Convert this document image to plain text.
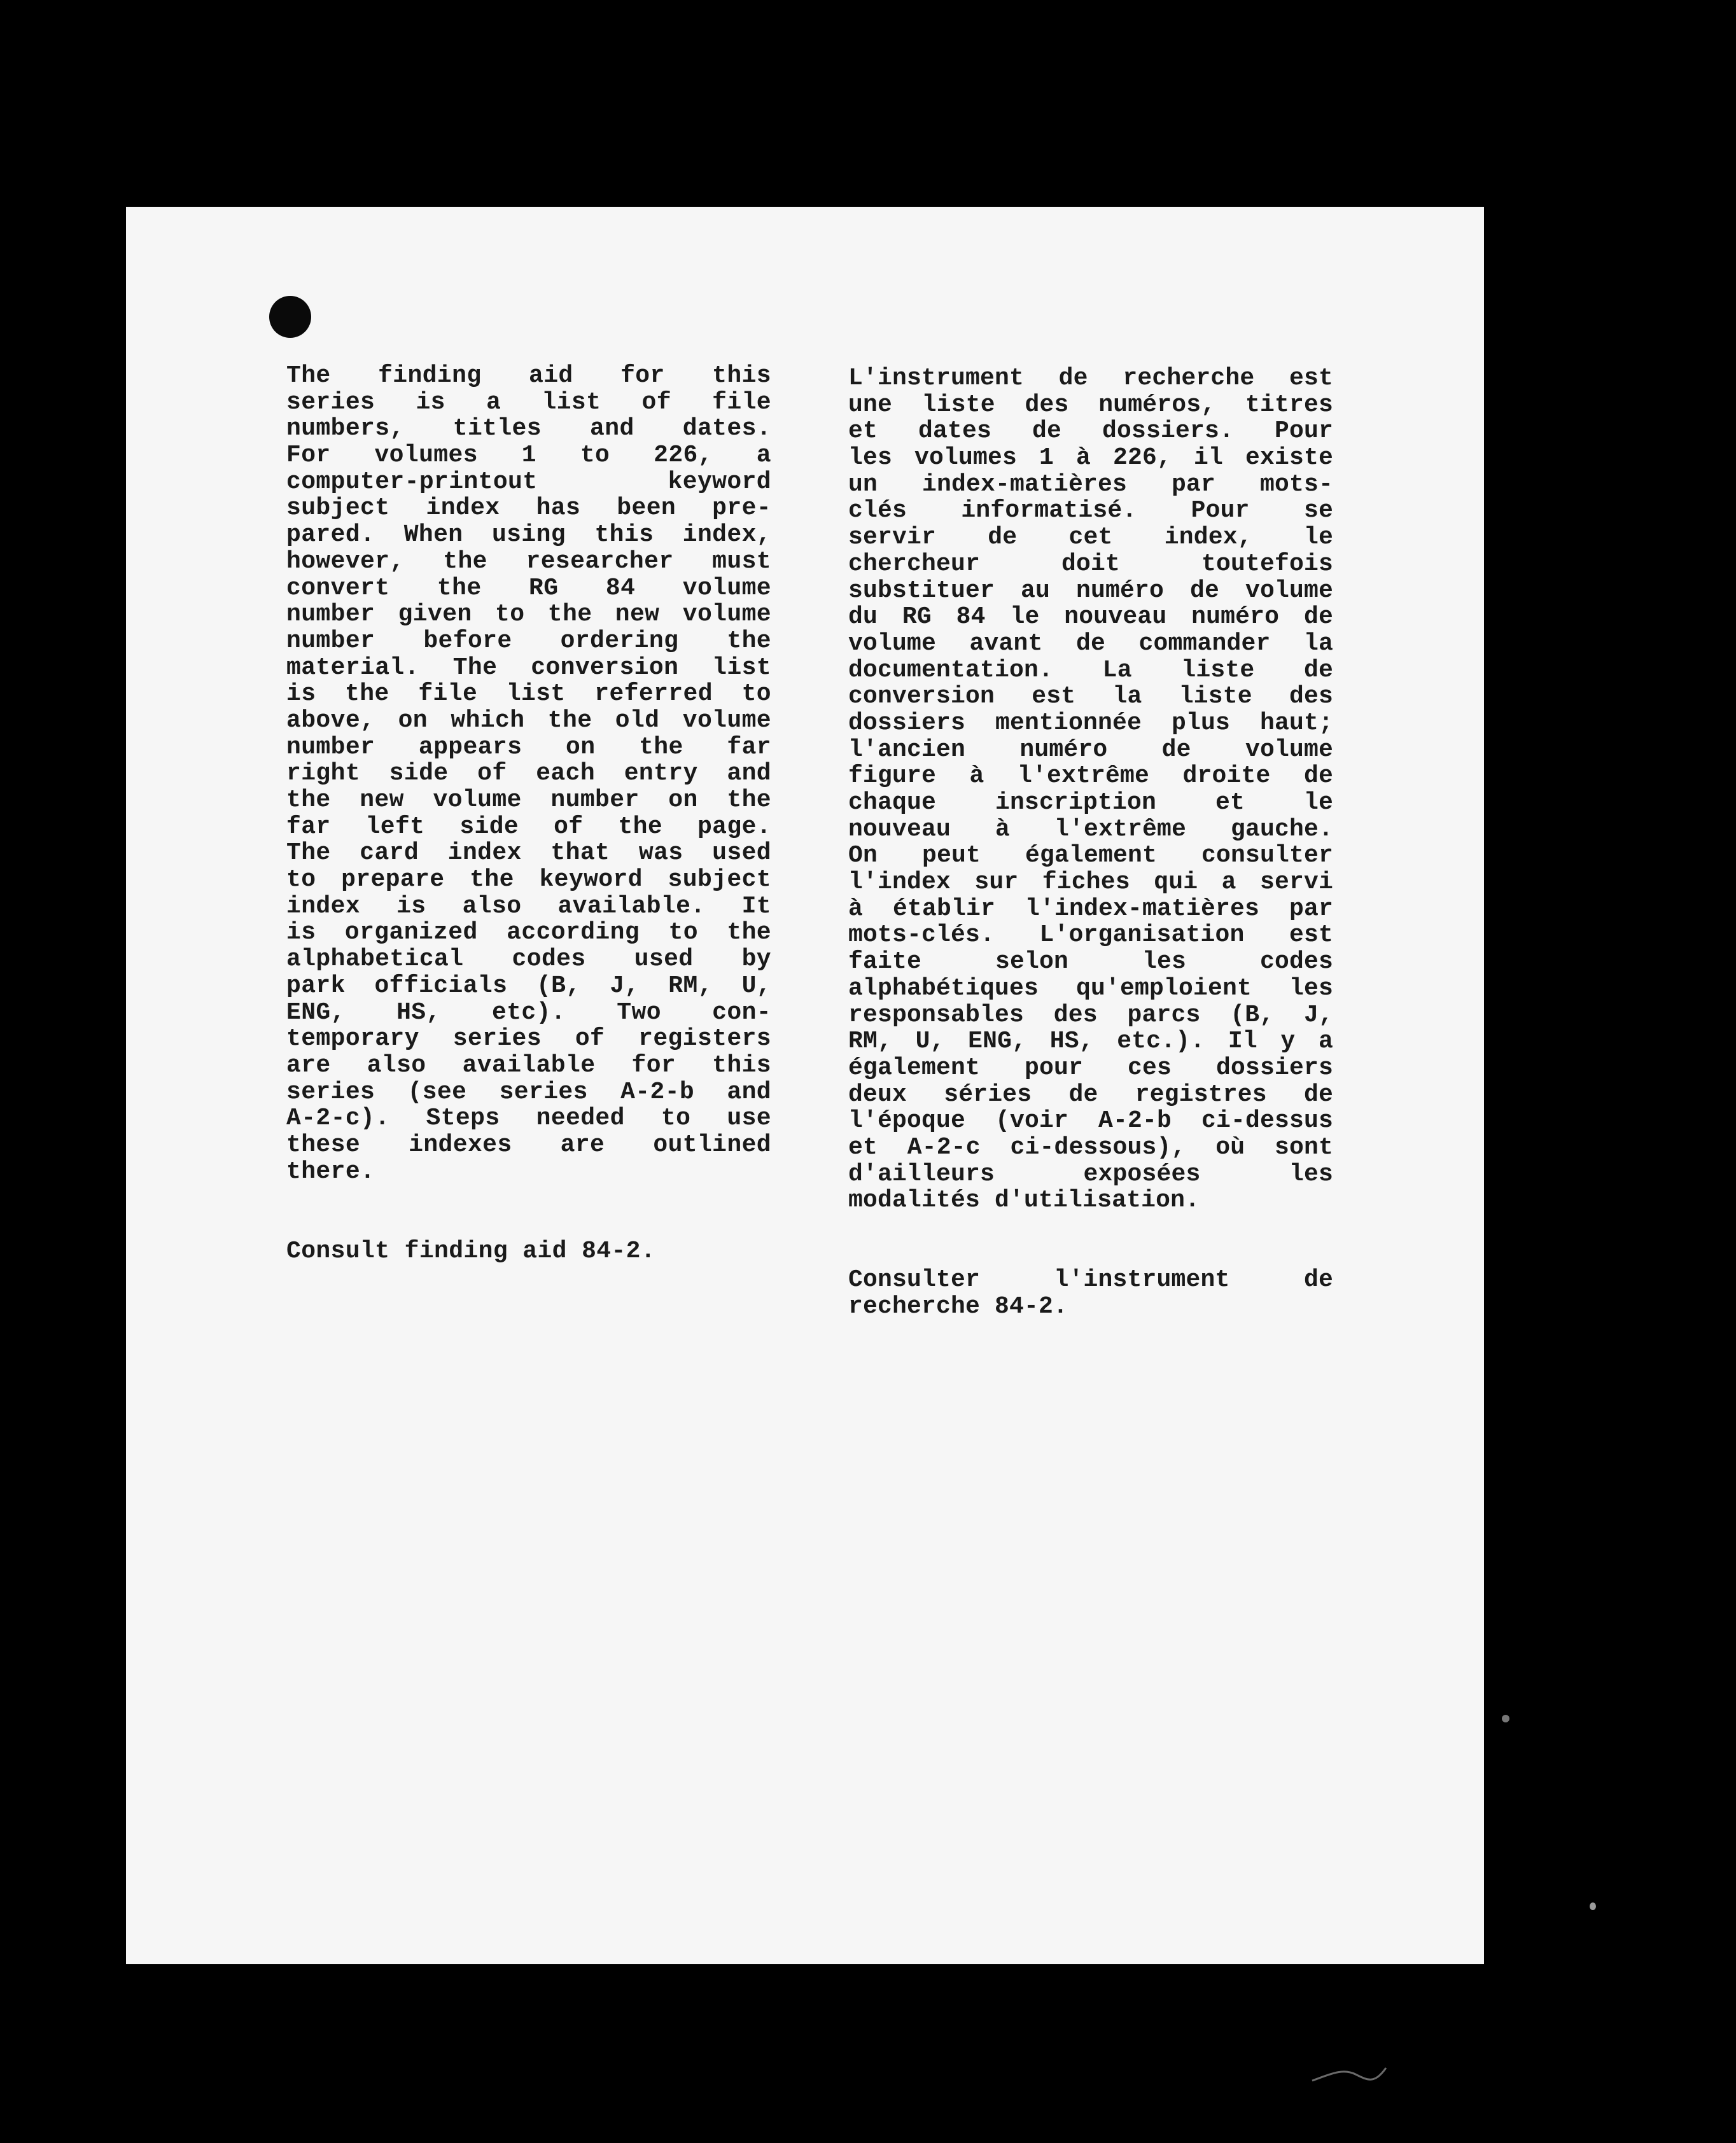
The finding aid for this
series is a list of file
numbers, titles and dates.
For volumes 1 to 226, a
computer-printout keyword
subject index has been pre-
pared. When using this index,
however, the researcher must
convert the RG 84 volume
number given to the new volume
number before ordering the
material. The conversion list
is the file list referred to
above, on which the old volume
number appears on the far
right side of each entry and
the new volume number on the
far left side of the page.
The card index that was used
to prepare the keyword subject
index is also available. It
is organized according to the
alphabetical codes used by
park officials (B, J, RM, U,
ENG, HS, etc). Two con-
temporary series of registers
are also available for this
series (see series A-2-b and
A-2-c). Steps needed to use
these indexes are outlined
there.
Consult finding aid 84-2.
L'instrument de recherche est
une liste des numéros, titres
et dates de dossiers. Pour
les volumes 1 à 226, il existe
un index-matières par mots-
clés informatisé. Pour se
servir de cet index, le
chercheur doit toutefois
substituer au numéro de volume
du RG 84 le nouveau numéro de
volume avant de commander la
documentation. La liste de
conversion est la liste des
dossiers mentionnée plus haut;
l'ancien numéro de volume
figure à l'extrême droite de
chaque inscription et le
nouveau à l'extrême gauche.
On peut également consulter
l'index sur fiches qui a servi
à établir l'index-matières par
mots-clés. L'organisation est
faite selon les codes
alphabétiques qu'emploient les
responsables des parcs (B, J,
RM, U, ENG, HS, etc.). Il y a
également pour ces dossiers
deux séries de registres de
l'époque (voir A-2-b ci-dessus
et A-2-c ci-dessous), où sont
d'ailleurs exposées les
modalités d'utilisation.
Consulter l'instrument de
recherche 84-2.
